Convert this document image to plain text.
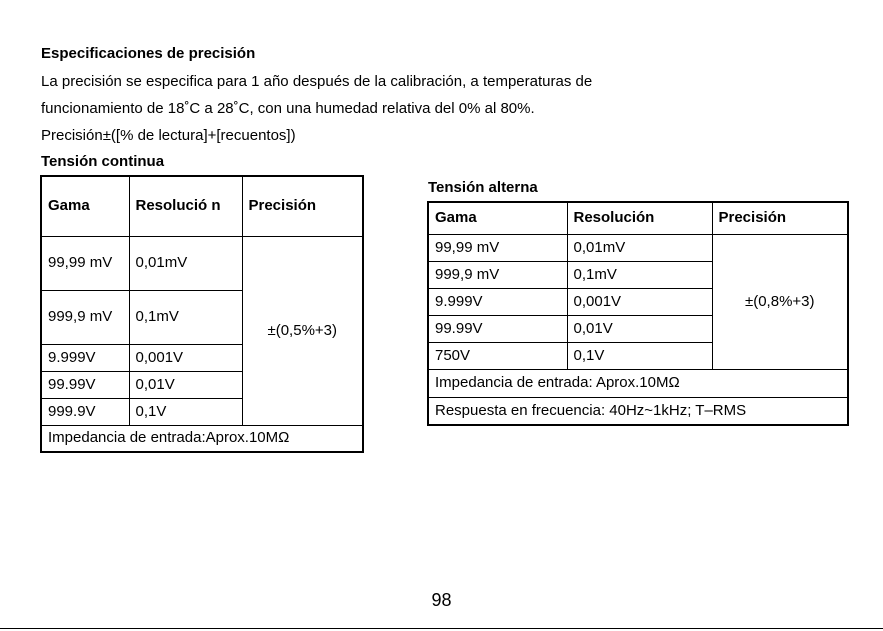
Especificaciones de precisión
La precisión se especifica para 1 año después de la calibración, a temperaturas de
funcionamiento de 18˚C a 28˚C, con una humedad relativa del 0% al 80%.
Precisión±([% de lectura]+[recuentos])
Tensión continua
Gama	Resolució n	Precisión
99,99 mV	0,01mV	±(0,5%+3)
999,9 mV	0,1mV	
9.999V	0,001V	
99.99V	0,01V	
999.9V	0,1V	
Impedancia de entrada:Aprox.10MΩ		
Tensión alterna
Gama	Resolución	Precisión
99,99 mV	0,01mV	±(0,8%+3)
999,9 mV	0,1mV	
9.999V	0,001V	
99.99V	0,01V	
750V	0,1V	
Impedancia de entrada: Aprox.10MΩ		
Respuesta en frecuencia: 40Hz~1kHz; T–RMS		
98
